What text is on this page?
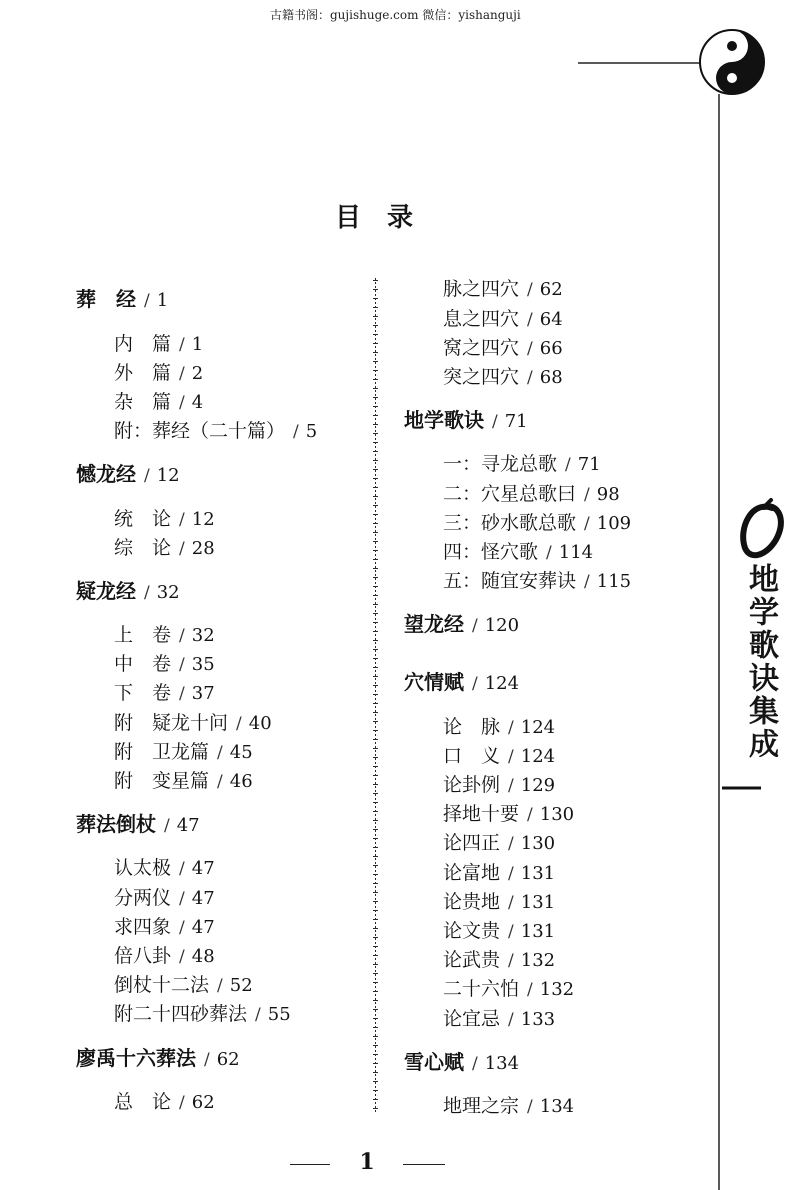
古籍书阁：gujishuge.com 微信：yishanguji
目　录
葬　经 / 1
内　篇 / 1
外　篇 / 2
杂　篇 / 4
附：葬经（二十篇） / 5
憾龙经 / 12
统　论 / 12
综　论 / 28
疑龙经 / 32
上　卷 / 32
中　卷 / 35
下　卷 / 37
附　疑龙十问 / 40
附　卫龙篇 / 45
附　变星篇 / 46
葬法倒杖 / 47
认太极 / 47
分两仪 / 47
求四象 / 47
倍八卦 / 48
倒杖十二法 / 52
附二十四砂葬法 / 55
廖禹十六葬法 / 62
总　论 / 62
脉之四穴 / 62
息之四穴 / 64
窝之四穴 / 66
突之四穴 / 68
地学歌诀 / 71
一：寻龙总歌 / 71
二：穴星总歌曰 / 98
三：砂水歌总歌 / 109
四：怪穴歌 / 114
五：随宜安葬诀 / 115
望龙经 / 120
穴情赋 / 124
论　脉 / 124
口　义 / 124
论卦例 / 129
择地十要 / 130
论四正 / 130
论富地 / 131
论贵地 / 131
论文贵 / 131
论武贵 / 132
二十六怕 / 132
论宜忌 / 133
雪心赋 / 134
地理之宗 / 134
地学歌诀集成
1
